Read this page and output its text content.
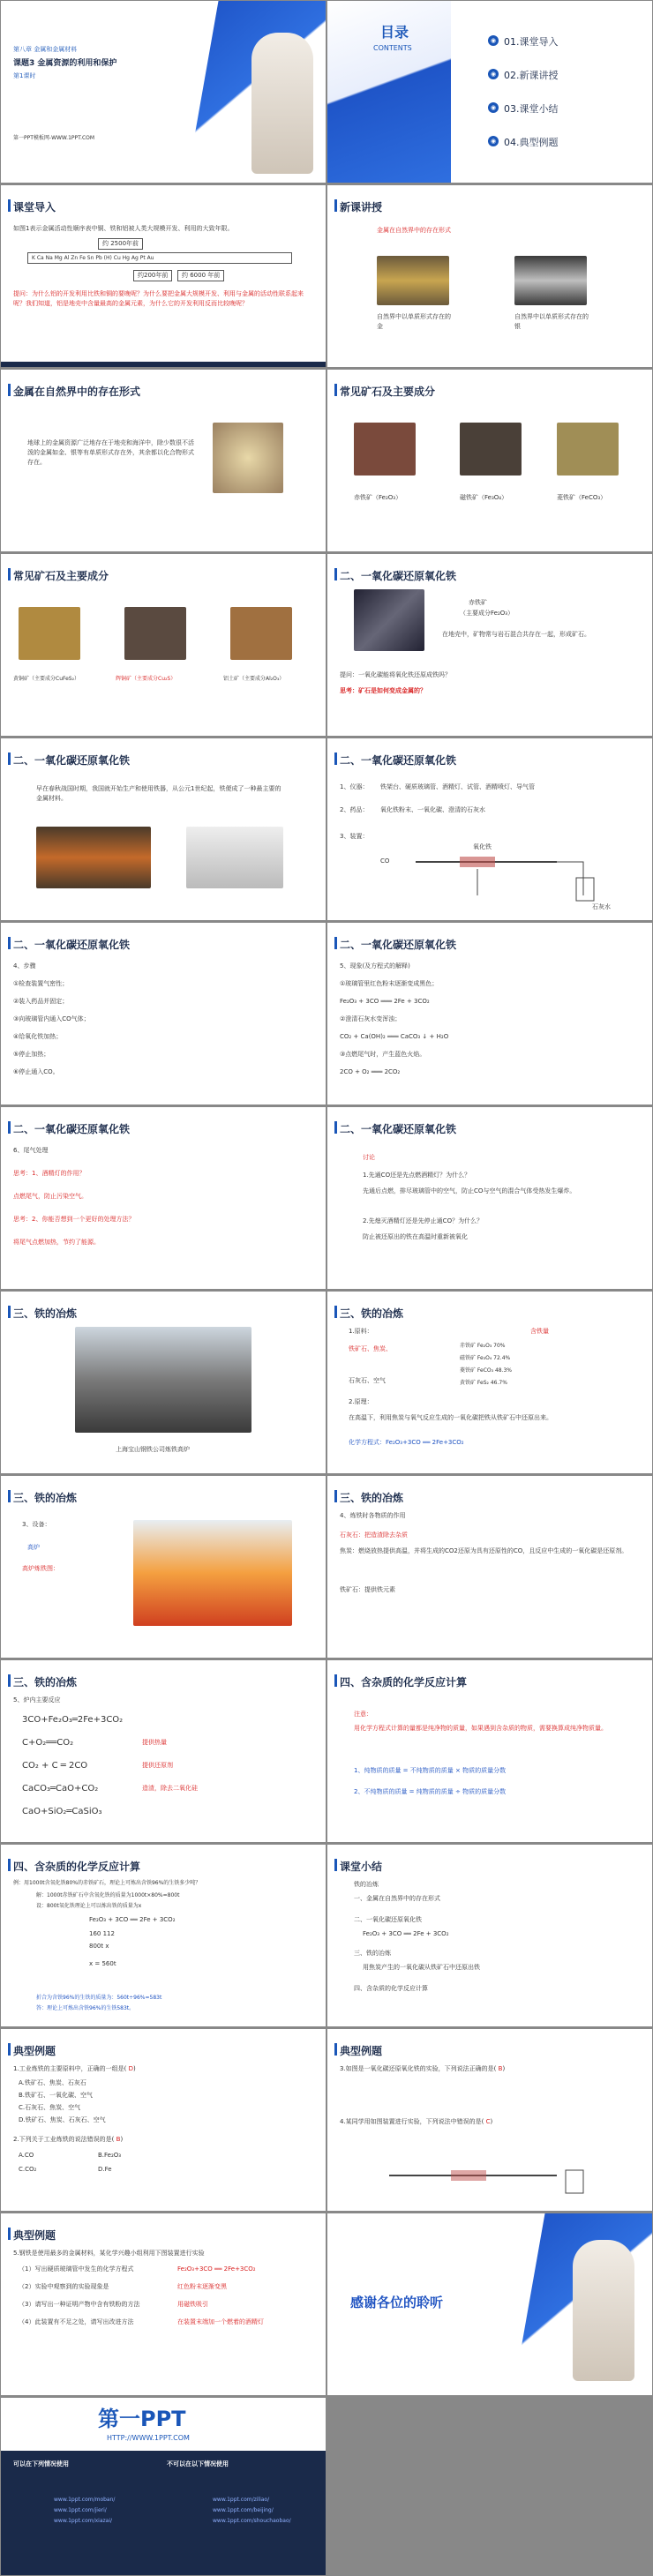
第八章 金属和金属材料
课题3 金属资源的利用和保护
第1课时
第一PPT模板网-WWW.1PPT.COM
目录
CONTENTS
◉ 01.课堂导入
◉ 02.新课讲授
◉ 03.课堂小结
◉ 04.典型例题
课堂导入
如图1表示金属活动性顺序表中铜、铁和铝被人类大规模开发、利用的大致年限。
约 2500年前
K Ca Na Mg Al Zn Fe Sn Pb (H) Cu Hg Ag Pt Au
约200年前	约 6000 年前
提问：为什么铝的开发利用比铁和铜的要晚呢？为什么要把金属大规模开发、利用与金属的活动性联系起来呢？我们知道，铝是地壳中含量最高的金属元素，为什么它的开发利用反而比较晚呢？
新课讲授
金属在自然界中的存在形式
自然界中以单质形式存在的金
自然界中以单质形式存在的银
金属在自然界中的存在形式
地球上的金属资源广泛地存在于地壳和海洋中，除少数很不活泼的金属如金、银等有单质形式存在外，其余都以化合物形式存在。
常见矿石及主要成分
赤铁矿（Fe₂O₃）	磁铁矿（Fe₃O₄）	菱铁矿（FeCO₃）
常见矿石及主要成分
黄铜矿（主要成分CuFeS₂）	辉铜矿（主要成分Cu₂S）	铝土矿（主要成分Al₂O₃）
二、一氧化碳还原氧化铁
赤铁矿
（主要成分Fe₂O₃）
在地壳中，矿物常与岩石混合共存在一起，形成矿石。
提问：一氧化碳能将氧化铁还原成铁吗？
思考：矿石是如何变成金属的？
二、一氧化碳还原氧化铁
早在春秋战国时期，我国就开始生产和使用铁器，从公元1世纪起，铁便成了一种最主要的金属材料。
二、一氧化碳还原氧化铁
1、仪器： 铁架台、硬质玻璃管、酒精灯、试管、酒精喷灯、导气管
2、药品： 氧化铁粉末、一氧化碳、澄清的石灰水
3、装置：
CO
氧化铁
石灰水
二、一氧化碳还原氧化铁
4、步骤
①检查装置气密性；
②装入药品并固定；
③向玻璃管内通入CO气体；
④给氧化铁加热；
⑤停止加热；
⑥停止通入CO。
二、一氧化碳还原氧化铁
5、现象(及方程式的解释)
①玻璃管里红色粉末逐渐变成黑色；
Fe₂O₃ + 3CO ═══ 2Fe + 3CO₂
②澄清石灰水变浑浊；
CO₂ + Ca(OH)₂ ═══ CaCO₃ ↓ + H₂O
③点燃尾气时，产生蓝色火焰。
2CO + O₂ ═══ 2CO₂
二、一氧化碳还原氧化铁
6、尾气处理
思考：1、酒精灯的作用？
点燃尾气，防止污染空气。
思考：2、你能否想到一个更好的处理方法？
将尾气点燃加热，节约了能源。
二、一氧化碳还原氧化铁
讨论
1.先通CO还是先点燃酒精灯？为什么？
先通后点燃，排尽玻璃管中的空气，防止CO与空气的混合气体受热发生爆炸。
2.先熄灭酒精灯还是先停止通CO？为什么？
防止被还原出的铁在高温时重新被氧化
三、铁的冶炼
上海宝山钢铁公司炼铁高炉
三、铁的冶炼
1.原料：
铁矿石、焦炭、
石灰石、空气
含铁量
赤铁矿 Fe₂O₃ 70%
磁铁矿 Fe₃O₄ 72.4%
菱铁矿 FeCO₃ 48.3%
黄铁矿 FeS₂ 46.7%
2.原理：
在高温下，利用焦炭与氧气反应生成的一氧化碳把铁从铁矿石中还原出来。
化学方程式：Fe₂O₃+3CO ══ 2Fe+3CO₂
三、铁的冶炼
3、设备：
高炉
高炉炼铁图：
三、铁的冶炼
4、炼铁时各物质的作用
石灰石：把造渣除去杂质
焦炭：燃烧放热提供高温，并将生成的CO2还原为具有还原性的CO，且反应中生成的一氧化碳是还原剂。
铁矿石：提供铁元素
三、铁的冶炼
5、炉内主要反应
3CO+Fe₂O₃═2Fe+3CO₂
C+O₂══CO₂	提供热量
CO₂ + C ═ 2CO	提供还原剂
CaCO₃═CaO+CO₂	造渣，除去二氧化硅
CaO+SiO₂═CaSiO₃
四、含杂质的化学反应计算
注意：
用化学方程式计算的量都是纯净物的质量，如果遇到含杂质的物质，需要换算成纯净物质量。
1、纯物质的质量 = 不纯物质的质量 × 物质的质量分数
2、不纯物质的质量 = 纯物质的质量 ÷ 物质的质量分数
四、含杂质的化学反应计算
例：用1000t含氧化铁80%的赤铁矿石，理论上可炼出含铁96%的生铁多少吨？
解：1000t赤铁矿石中含氧化铁的质量为1000t×80%=800t
设：800t氧化铁理论上可以炼出铁的质量为x
Fe₂O₃ + 3CO ══ 2Fe + 3CO₂
160 112
800t x
x = 560t
折合为含铁96%的生铁的质量为：560t÷96%=583t
答：理论上可炼出含铁96%的生铁583t。
课堂小结
铁的冶炼
一、金属在自然界中的存在形式
二、一氧化碳还原氧化铁
Fe₂O₃ + 3CO ══ 2Fe + 3CO₂
三、铁的冶炼
用焦炭产生的一氧化碳从铁矿石中还原出铁
四、含杂质的化学反应计算
典型例题
1.工业炼铁的主要原料中，正确的一组是( D)
A.铁矿石、焦炭、石灰石
B.铁矿石、一氧化碳、空气
C.石灰石、焦炭、空气
D.铁矿石、焦炭、石灰石、空气
2.下列关于工业炼铁的说法错误的是( B)
A.CO	B.Fe₂O₃
C.CO₂	D.Fe
典型例题
3.如图是一氧化碳还原氧化铁的实验，下列说法正确的是( B)
4.某同学用如图装置进行实验，下列说法中错误的是( C)
典型例题
5.钢铁是使用最多的金属材料，某化学兴趣小组利用下图装置进行实验
（1）写出硬质玻璃管中发生的化学方程式	Fe₂O₃+3CO ══ 2Fe+3CO₂
（2）实验中观察到的实验现象是	红色粉末逐渐变黑
（3）请写出一种证明产物中含有铁粉的方法	用磁铁吸引
（4）此装置有不足之处，请写出改进方法	在装置末端加一个燃着的酒精灯
感谢各位的聆听
第一PPT
HTTP://WWW.1PPT.COM
可以在下列情况使用	不可以在以下情况使用
www.1ppt.com/moban/
www.1ppt.com/jieri/
www.1ppt.com/xiazai/
www.1ppt.com/ziliao/
www.1ppt.com/beijing/
www.1ppt.com/shouchaobao/
